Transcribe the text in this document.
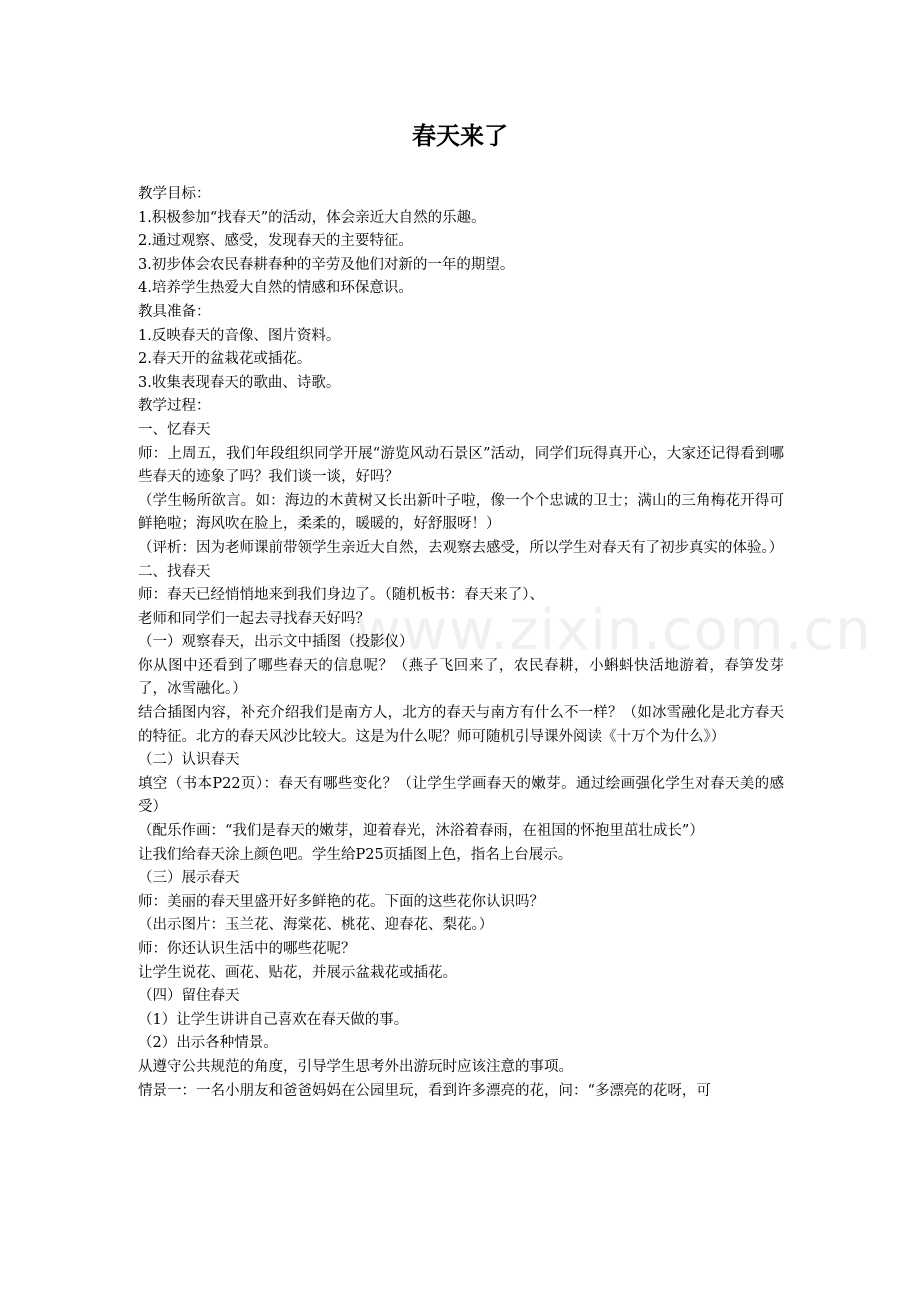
春天来了
www.zixin.com.cn

教学目标：

1.积极参加“找春天”的活动，体会亲近大自然的乐趣。

2.通过观察、感受，发现春天的主要特征。

3.初步体会农民春耕春种的辛劳及他们对新的一年的期望。

4.培养学生热爱大自然的情感和环保意识。

教具准备：

1.反映春天的音像、图片资料。

2.春天开的盆栽花或插花。

3.收集表现春天的歌曲、诗歌。

教学过程：

一、忆春天

师：上周五，我们年段组织同学开展“游览风动石景区”活动，同学们玩得真开心，大家还记得看到哪些春天的迹象了吗？我们谈一谈，好吗？

（学生畅所欲言。如：海边的木黄树又长出新叶子啦，像一个个忠诚的卫士；满山的三角梅花开得可鲜艳啦；海风吹在脸上，柔柔的，暖暖的，好舒服呀！）

（评析：因为老师课前带领学生亲近大自然，去观察去感受，所以学生对春天有了初步真实的体验。）

二、找春天

师：春天已经悄悄地来到我们身边了。（随机板书：春天来了）、

老师和同学们一起去寻找春天好吗？

（一）观察春天，出示文中插图（投影仪）

你从图中还看到了哪些春天的信息呢？（燕子飞回来了，农民春耕，小蝌蚪快活地游着，春笋发芽了，冰雪融化。）

结合插图内容，补充介绍我们是南方人，北方的春天与南方有什么不一样？（如冰雪融化是北方春天的特征。北方的春天风沙比较大。这是为什么呢？师可随机引导课外阅读《十万个为什么》）

（二）认识春天

填空（书本P22页）：春天有哪些变化？（让学生学画春天的嫩芽。通过绘画强化学生对春天美的感受）

（配乐作画：“我们是春天的嫩芽，迎着春光，沐浴着春雨，在祖国的怀抱里茁壮成长”）

让我们给春天涂上颜色吧。学生给P25页插图上色，指名上台展示。

（三）展示春天

师：美丽的春天里盛开好多鲜艳的花。下面的这些花你认识吗？

（出示图片：玉兰花、海棠花、桃花、迎春花、梨花。）

师：你还认识生活中的哪些花呢？

让学生说花、画花、贴花，并展示盆栽花或插花。

（四）留住春天

（1）让学生讲讲自己喜欢在春天做的事。

（2）出示各种情景。

从遵守公共规范的角度，引导学生思考外出游玩时应该注意的事项。

情景一：一名小朋友和爸爸妈妈在公园里玩，看到许多漂亮的花，问：“多漂亮的花呀，可
